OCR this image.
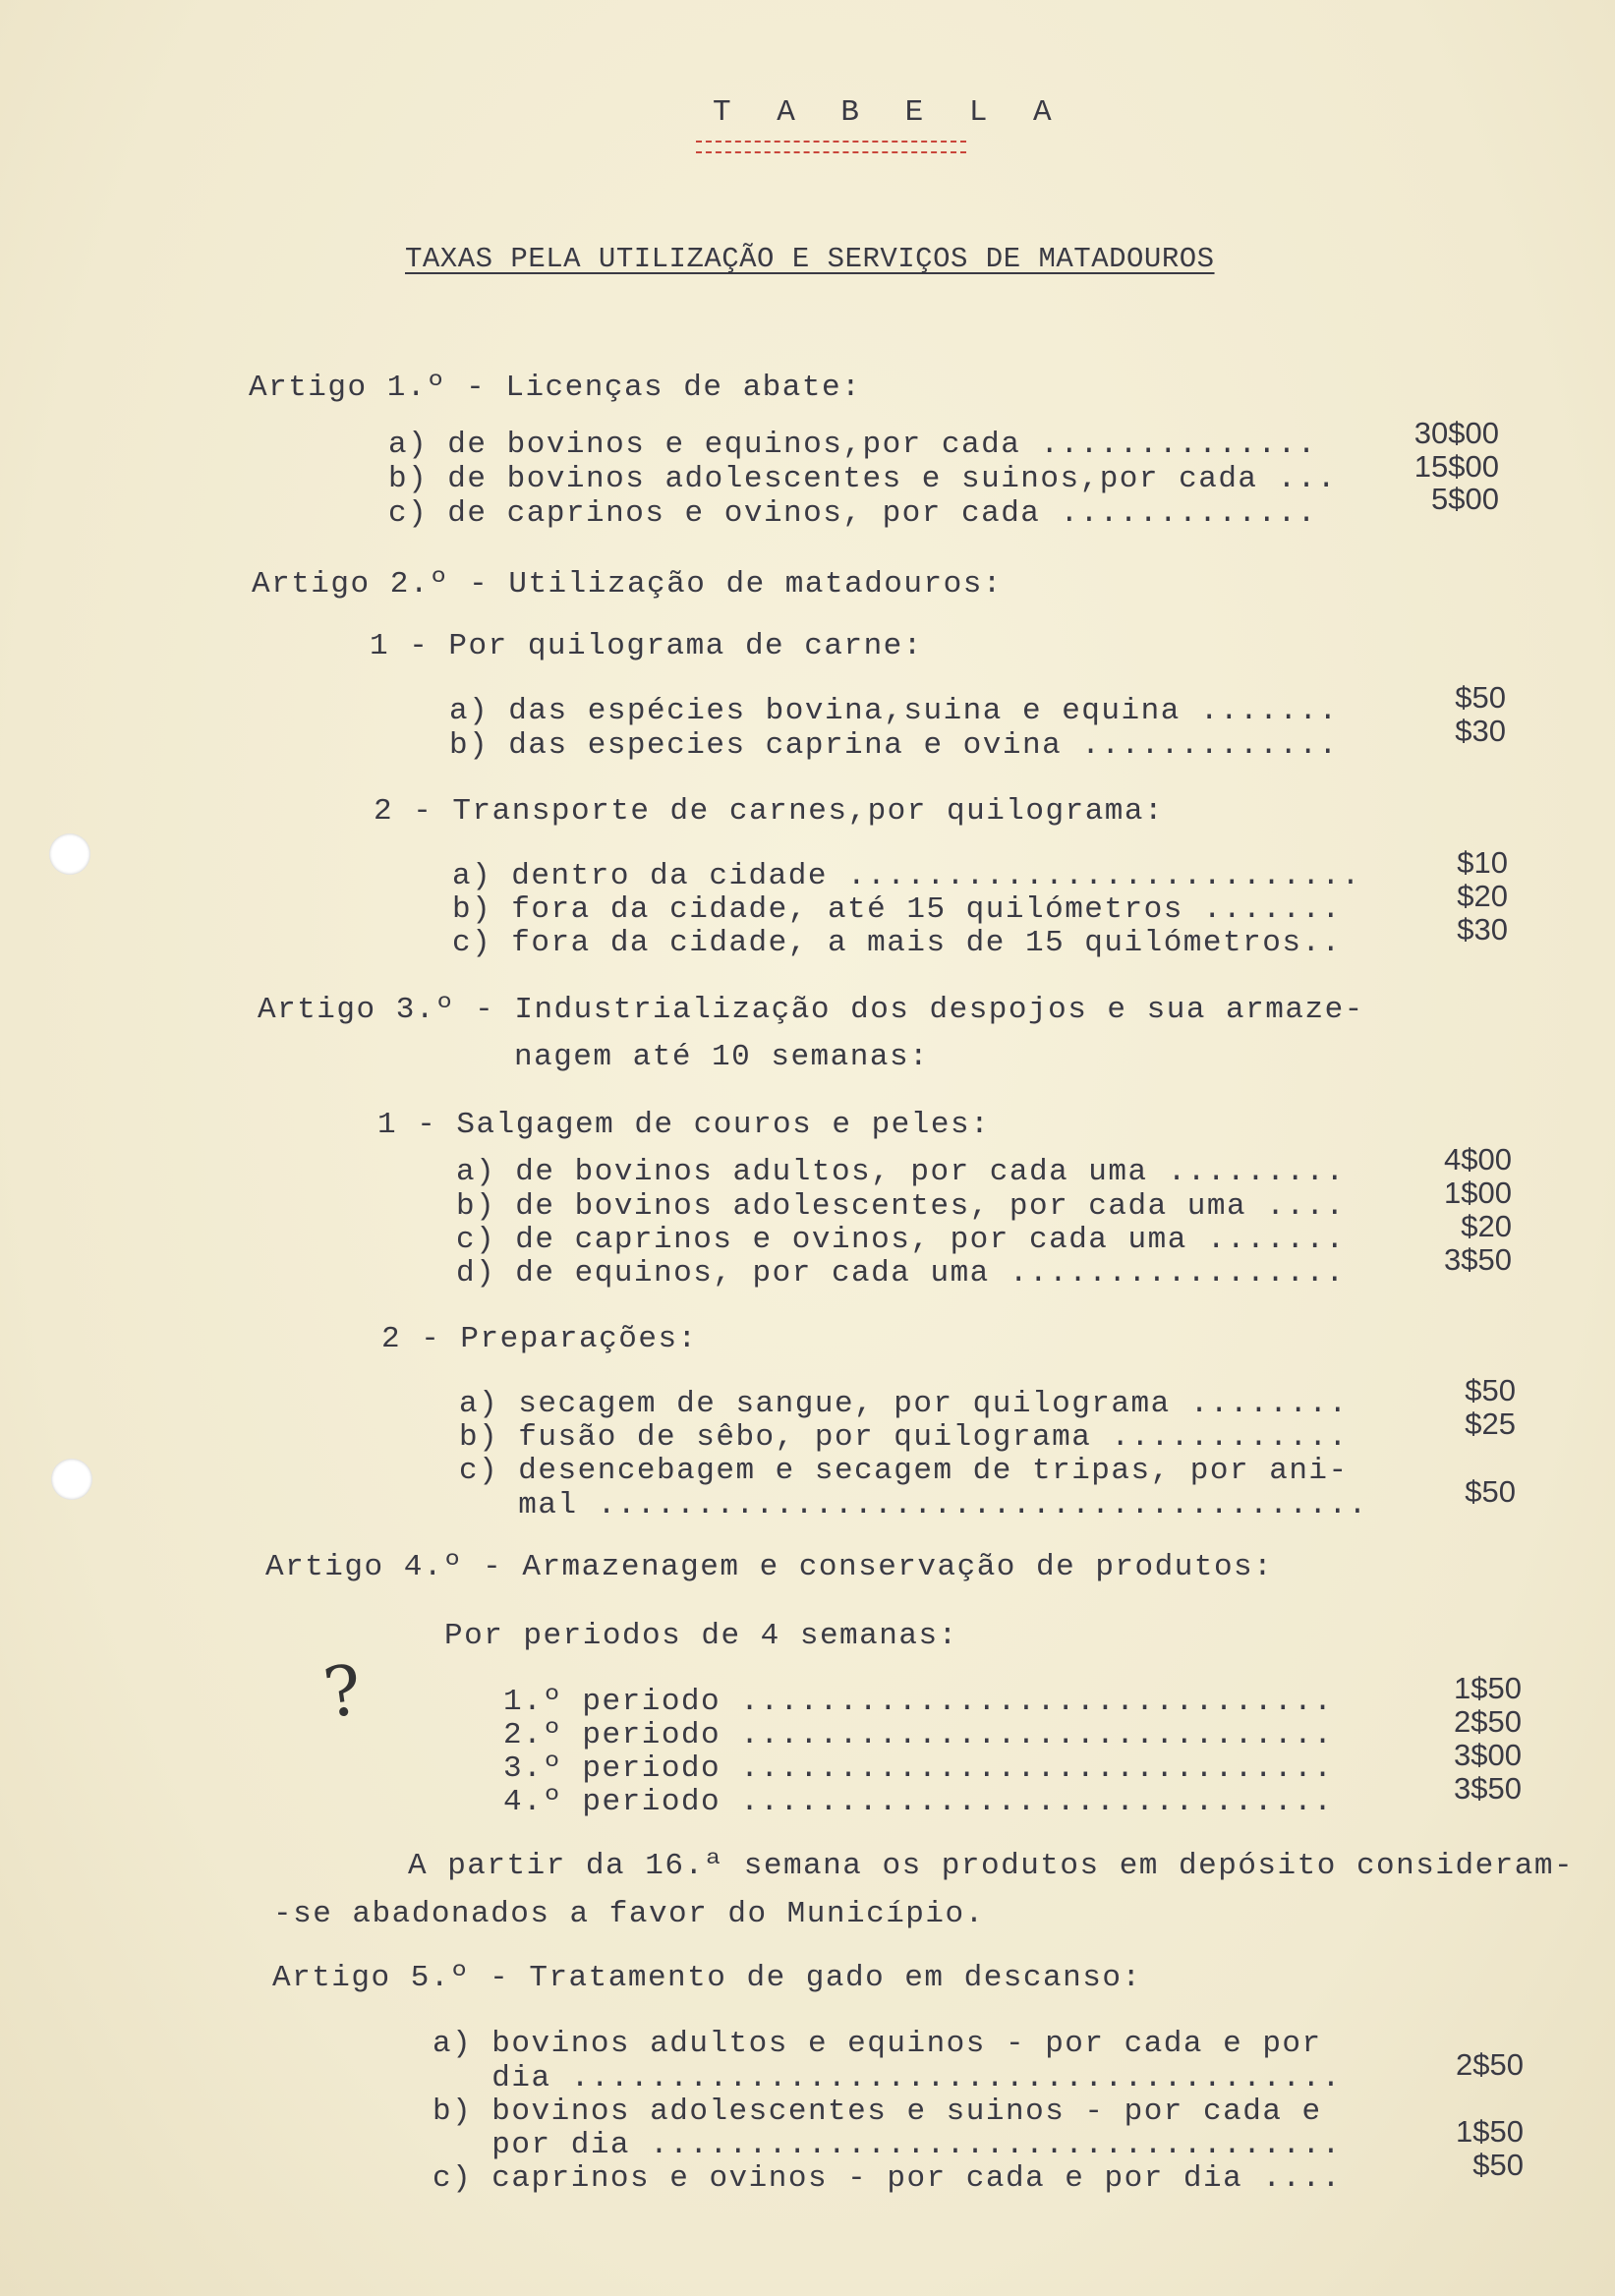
T A B E L A
TAXAS PELA UTILIZAÇÃO E SERVIÇOS DE MATADOUROS
Artigo 1.º - Licenças de abate:
a) de bovinos e equinos,por cada ..............	30$00
b) de bovinos adolescentes e suinos,por cada ...	15$00
c) de caprinos e ovinos, por cada .............	5$00
Artigo 2.º - Utilização de matadouros:
1 - Por quilograma de carne:
a) das espécies bovina,suina e equina .......	$50
b) das especies caprina e ovina .............	$30
2 - Transporte de carnes,por quilograma:
a) dentro da cidade ..........................	$10
b) fora da cidade, até 15 quilómetros .......	$20
c) fora da cidade, a mais de 15 quilómetros..	$30
Artigo 3.º - Industrialização dos despojos e sua armaze-
nagem até 10 semanas:
1 - Salgagem de couros e peles:
a) de bovinos adultos, por cada uma .........	4$00
b) de bovinos adolescentes, por cada uma ....	1$00
c) de caprinos e ovinos, por cada uma .......	$20
d) de equinos, por cada uma .................	3$50
2 - Preparações:
a) secagem de sangue, por quilograma ........	$50
b) fusão de sêbo, por quilograma ............	$25
c) desencebagem e secagem de tripas, por ani-
mal .......................................	$50
Artigo 4.º - Armazenagem e conservação de produtos:
Por periodos de 4 semanas:
?	1.º periodo ..............................	1$50
2.º periodo ..............................	2$50
3.º periodo ..............................	3$00
4.º periodo ..............................	3$50
A partir da 16.ª semana os produtos em depósito consideram-
-se abadonados a favor do Município.
Artigo 5.º - Tratamento de gado em descanso:
a) bovinos adultos e equinos - por cada e por
dia .......................................	2$50
b) bovinos adolescentes e suinos - por cada e
por dia ...................................	1$50
c) caprinos e ovinos - por cada e por dia ....	$50
